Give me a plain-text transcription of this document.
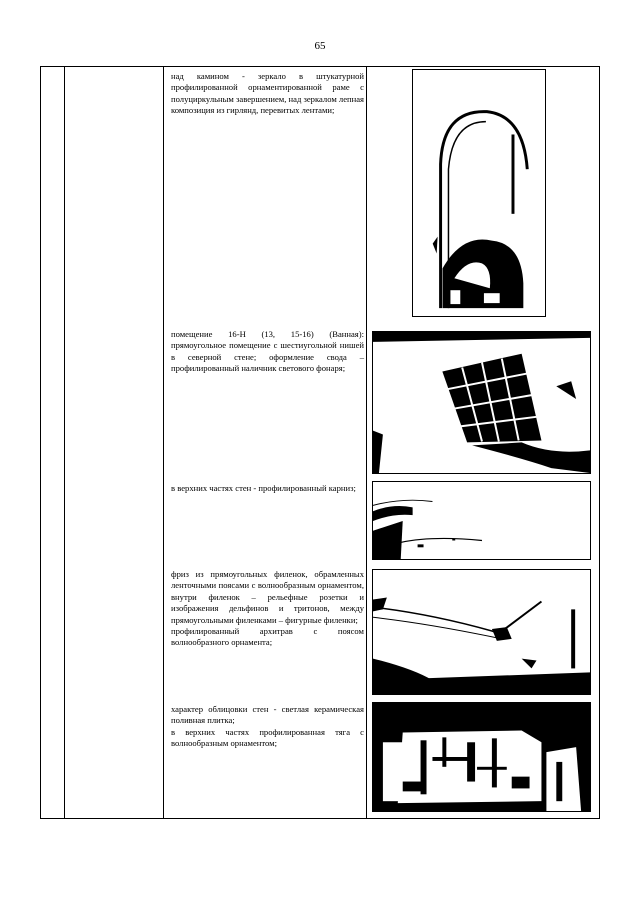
65
над камином - зеркало в штукатурной профилированной орнаментированной раме с полуциркульным завершением, над зеркалом лепная композиция из гирлянд, перевитых лентами;
помещение 16-Н (13, 15-16) (Ванная): прямоугольное помещение с шестиугольной нишей в северной стене; оформление свода – профилированный наличник светового фонаря;
в верхних частях стен - профилированный карниз;
фриз из прямоугольных филенок, обрамленных ленточными поясами с волнообразным орнаментом, внутри филенок – рельефные розетки и изображения дельфинов и тритонов, между прямоугольными филенками – фигурные филенки;
профилированный архитрав с поясом волнообразного орнамента;
характер облицовки стен - светлая керамическая поливная плитка;
в верхних частях профилированная тяга с волнообразным орнаментом;
